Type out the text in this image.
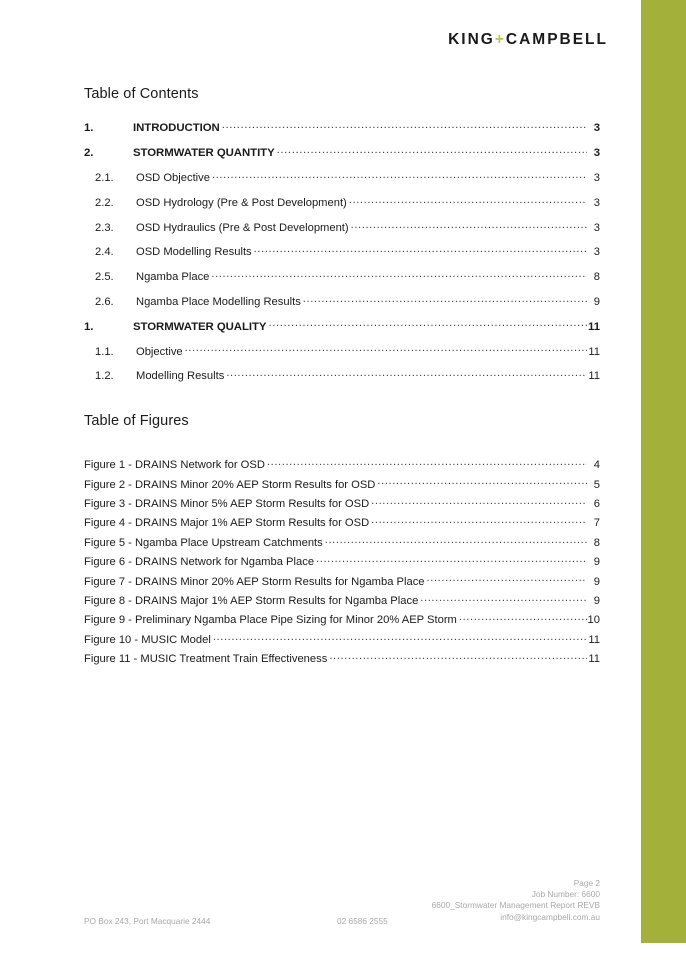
KING+CAMPBELL
Table of Contents
1.	INTRODUCTION .....	3
2.	STORMWATER QUANTITY .....	3
2.1.	OSD Objective .....	3
2.2.	OSD Hydrology (Pre & Post Development) .....	3
2.3.	OSD Hydraulics (Pre & Post Development) .....	3
2.4.	OSD Modelling Results .....	3
2.5.	Ngamba Place .....	8
2.6.	Ngamba Place Modelling Results .....	9
1.	STORMWATER QUALITY .....	11
1.1.	Objective .....	11
1.2.	Modelling Results .....	11
Table of Figures
Figure 1 - DRAINS Network for OSD .....	4
Figure 2 - DRAINS Minor 20% AEP Storm Results for OSD .....	5
Figure 3 - DRAINS Minor 5% AEP Storm Results for OSD .....	6
Figure 4 - DRAINS Major 1% AEP Storm Results for OSD .....	7
Figure 5 - Ngamba Place Upstream Catchments .....	8
Figure 6 - DRAINS Network for Ngamba Place .....	9
Figure 7 - DRAINS Minor 20% AEP Storm Results for Ngamba Place .....	9
Figure 8 - DRAINS Major 1% AEP Storm Results for Ngamba Place .....	9
Figure 9 - Preliminary Ngamba Place Pipe Sizing for Minor 20% AEP Storm .....	10
Figure 10 - MUSIC Model .....	11
Figure 11 - MUSIC Treatment Train Effectiveness .....	11
Page 2
Job Number: 6600
6600_Stormwater Management Report REVB
info@kingcampbell.com.au
PO Box 243, Port Macquarie 2444	02 6586 2555
